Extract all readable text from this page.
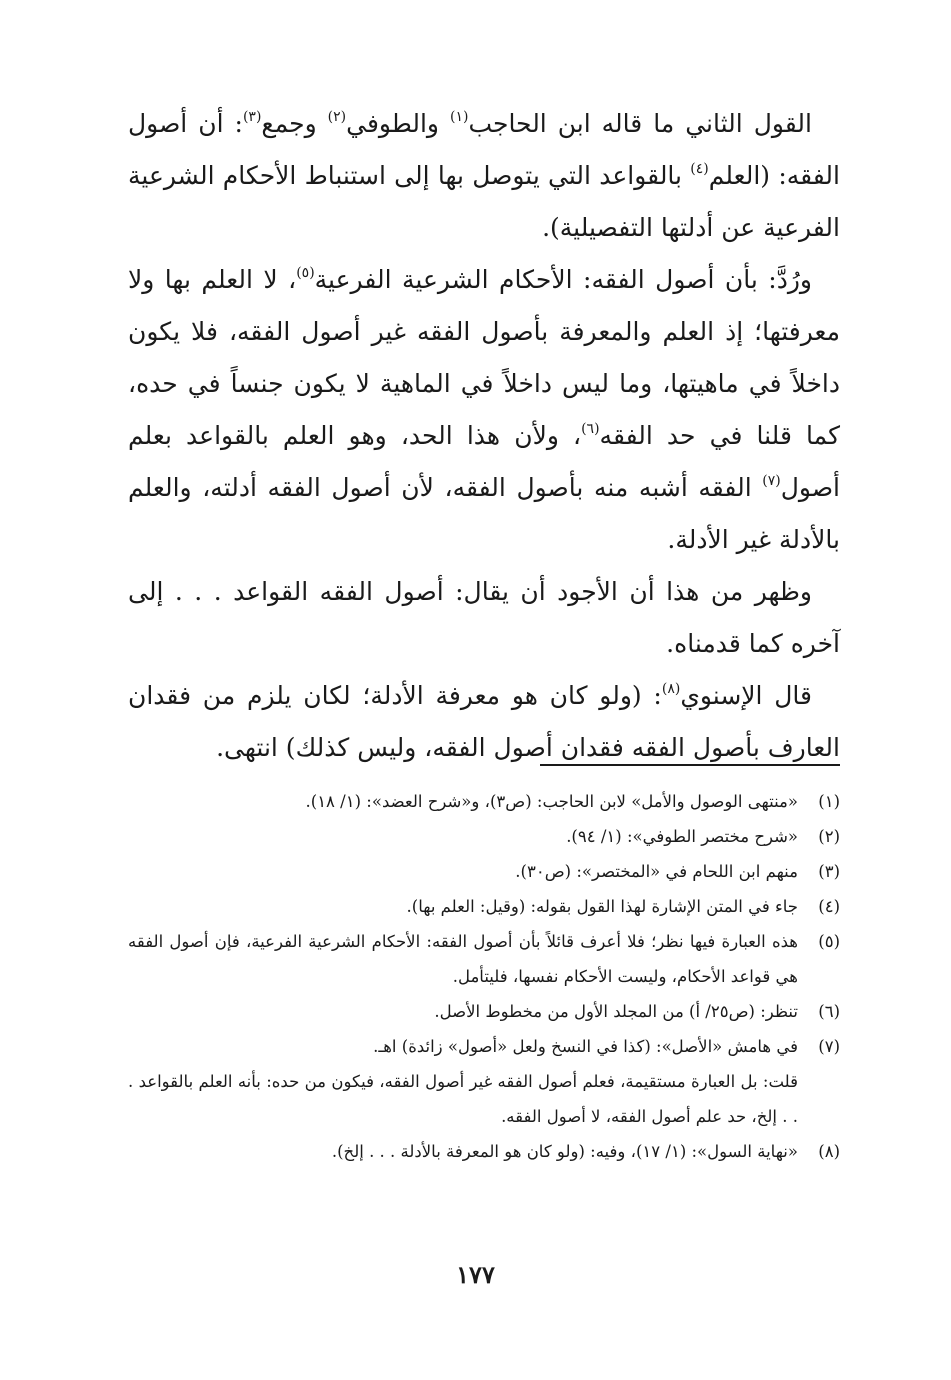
القول الثاني ما قاله ابن الحاجب$^{(١)}$ والطوفي$^{(٢)}$ وجمع$^{(٣)}$: أن أصول الفقه: (العلم$^{(٤)}$ بالقواعد التي يتوصل بها إلى استنباط الأحكام الشرعية الفرعية عن أدلتها التفصيلية).

ورُدَّ: بأن أصول الفقه: الأحكام الشرعية الفرعية$^{(٥)}$، لا العلم بها ولا معرفتها؛ إذ العلم والمعرفة بأصول الفقه غير أصول الفقه، فلا يكون داخلاً في ماهيتها، وما ليس داخلاً في الماهية لا يكون جنساً في حده، كما قلنا في حد الفقه$^{(٦)}$، ولأن هذا الحد، وهو العلم بالقواعد بعلم أصول$^{(٧)}$ الفقه أشبه منه بأصول الفقه، لأن أصول الفقه أدلته، والعلم بالأدلة غير الأدلة.

وظهر من هذا أن الأجود أن يقال: أصول الفقه القواعد . . . إلى آخره كما قدمناه.

قال الإسنوي$^{(٨)}$: (ولو كان هو معرفة الأدلة؛ لكان يلزم من فقدان العارف بأصول الفقه فقدان أصول الفقه، وليس كذلك) انتهى.

(١)
«منتهى الوصول والأمل» لابن الحاجب: (ص٣)، و«شرح العضد»: (١/ ١٨).
(٢)
«شرح مختصر الطوفي»: (١/ ٩٤).
(٣)
منهم ابن اللحام في «المختصر»: (ص٣٠).
(٤)
جاء في المتن الإشارة لهذا القول بقوله: (وقيل: العلم بها).
(٥)
هذه العبارة فيها نظر؛ فلا أعرف قائلاً بأن أصول الفقه: الأحكام الشرعية الفرعية، فإن أصول الفقه هي قواعد الأحكام، وليست الأحكام نفسها، فليتأمل.
(٦)
تنظر: (ص٢٥/ أ) من المجلد الأول من مخطوط الأصل.
(٧)
في هامش «الأصل»: (كذا في النسخ ولعل «أصول» زائدة) اهـ.
قلت: بل العبارة مستقيمة، فعلم أصول الفقه غير أصول الفقه، فيكون من حده: بأنه العلم بالقواعد . . . إلخ، حد علم أصول الفقه، لا أصول الفقه.
(٨)
«نهاية السول»: (١/ ١٧)، وفيه: (ولو كان هو المعرفة بالأدلة . . . إلخ).
١٧٧
